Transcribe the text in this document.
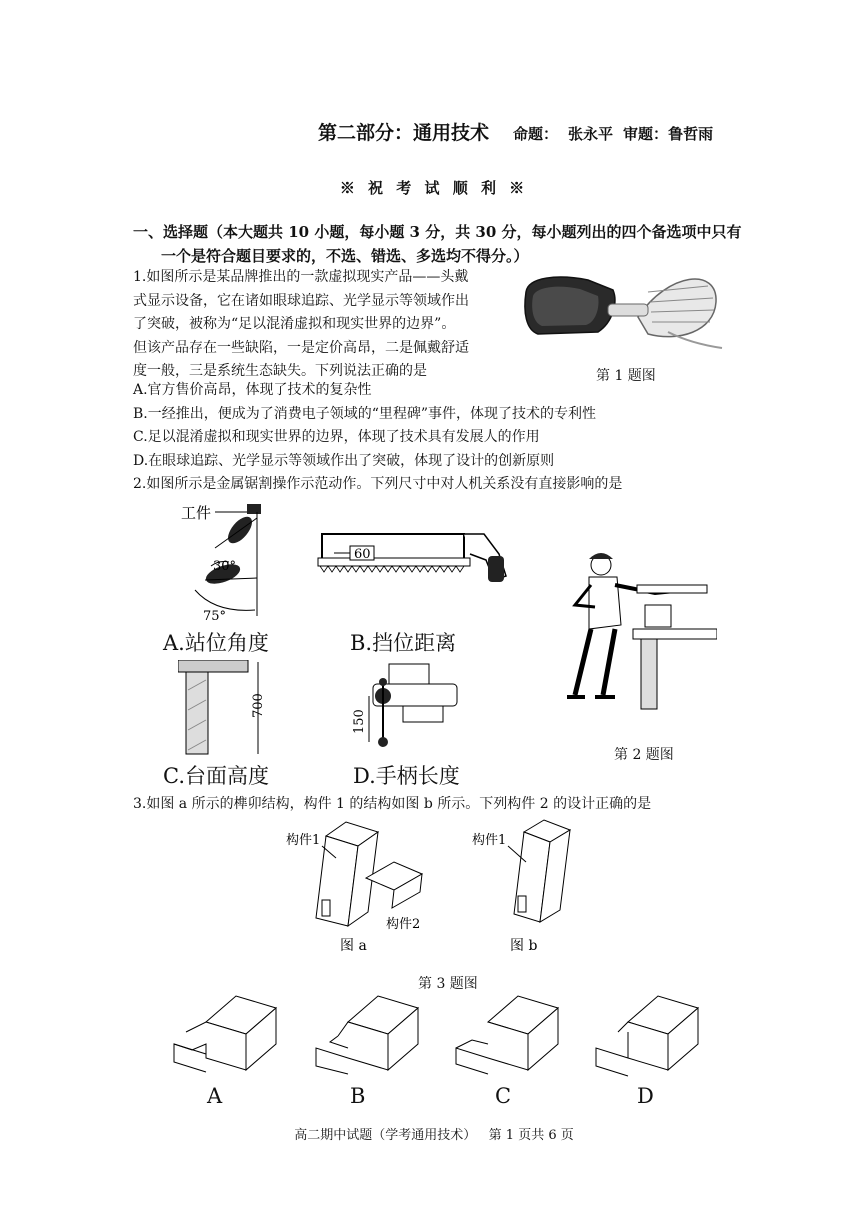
第二部分：通用技术 命题： 张永平 审题：鲁哲雨
※ 祝 考 试 顺 利 ※
一、选择题（本大题共 10 小题，每小题 3 分，共 30 分，每小题列出的四个备选项中只有
一个是符合题目要求的，不选、错选、多选均不得分。）
1.如图所示是某品牌推出的一款虚拟现实产品——头戴
式显示设备，它在诸如眼球追踪、光学显示等领域作出
了突破，被称为“足以混淆虚拟和现实世界的边界”。
但该产品存在一些缺陷，一是定价高昂，二是佩戴舒适
度一般，三是系统生态缺失。下列说法正确的是	第 1 题图
A.官方售价高昂，体现了技术的复杂性
B.一经推出，便成为了消费电子领域的“里程碑”事件，体现了技术的专利性
C.足以混淆虚拟和现实世界的边界，体现了技术具有发展人的作用
D.在眼球追踪、光学显示等领域作出了突破，体现了设计的创新原则
2.如图所示是金属锯割操作示范动作。下列尺寸中对人机关系没有直接影响的是
工件
30°
75°
60
A.站位角度	B.挡位距离
700
150
C.台面高度	D.手柄长度
第 2 题图
3.如图 a 所示的榫卯结构，构件 1 的结构如图 b 所示。下列构件 2 的设计正确的是
构件1
构件2
图 a
构件1
图 b
第 3 题图
A	B	C	D
高二期中试题（学考通用技术）   第 1 页共 6 页
